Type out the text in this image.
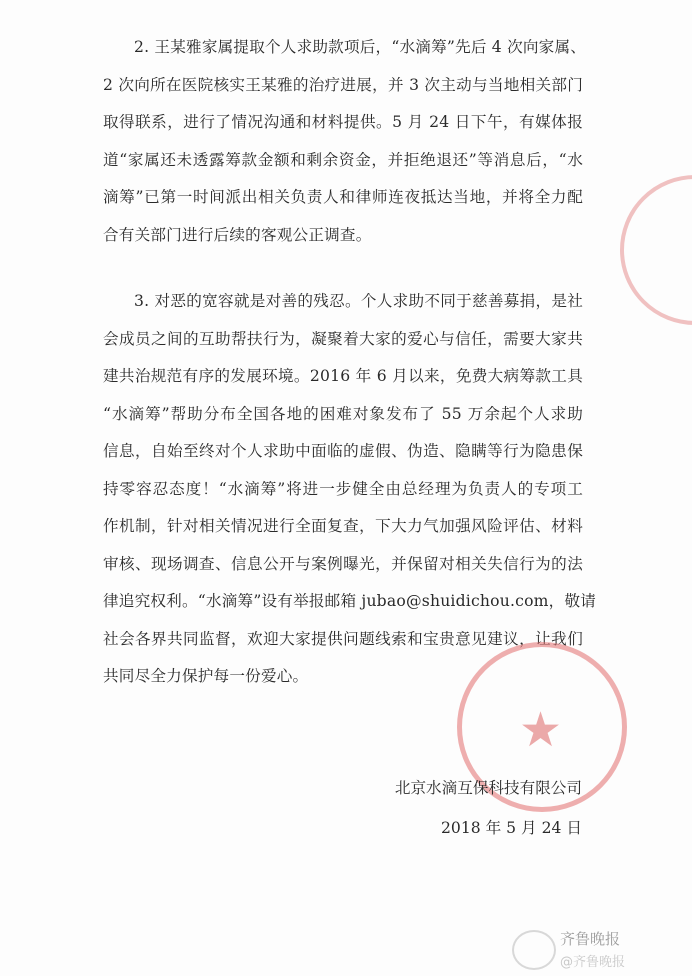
2. 王某雅家属提取个人求助款项后，“水滴筹”先后 4 次向家属、
2 次向所在医院核实王某雅的治疗进展，并 3 次主动与当地相关部门
取得联系，进行了情况沟通和材料提供。5 月 24 日下午，有媒体报
道“家属还未透露筹款金额和剩余资金，并拒绝退还”等消息后，“水
滴筹”已第一时间派出相关负责人和律师连夜抵达当地，并将全力配
合有关部门进行后续的客观公正调查。
3. 对恶的宽容就是对善的残忍。个人求助不同于慈善募捐，是社
会成员之间的互助帮扶行为，凝聚着大家的爱心与信任，需要大家共
建共治规范有序的发展环境。2016 年 6 月以来，免费大病筹款工具
“水滴筹”帮助分布全国各地的困难对象发布了 55 万余起个人求助
信息，自始至终对个人求助中面临的虚假、伪造、隐瞒等行为隐患保
持零容忍态度！“水滴筹”将进一步健全由总经理为负责人的专项工
作机制，针对相关情况进行全面复查，下大力气加强风险评估、材料
审核、现场调查、信息公开与案例曝光，并保留对相关失信行为的法
律追究权利。“水滴筹”设有举报邮箱 jubao@shuidichou.com，敬请
社会各界共同监督，欢迎大家提供问题线索和宝贵意见建议，让我们
共同尽全力保护每一份爱心。
★
北京水滴互保科技有限公司
2018 年 5 月 24 日
齐鲁晚报
@齐鲁晚报
